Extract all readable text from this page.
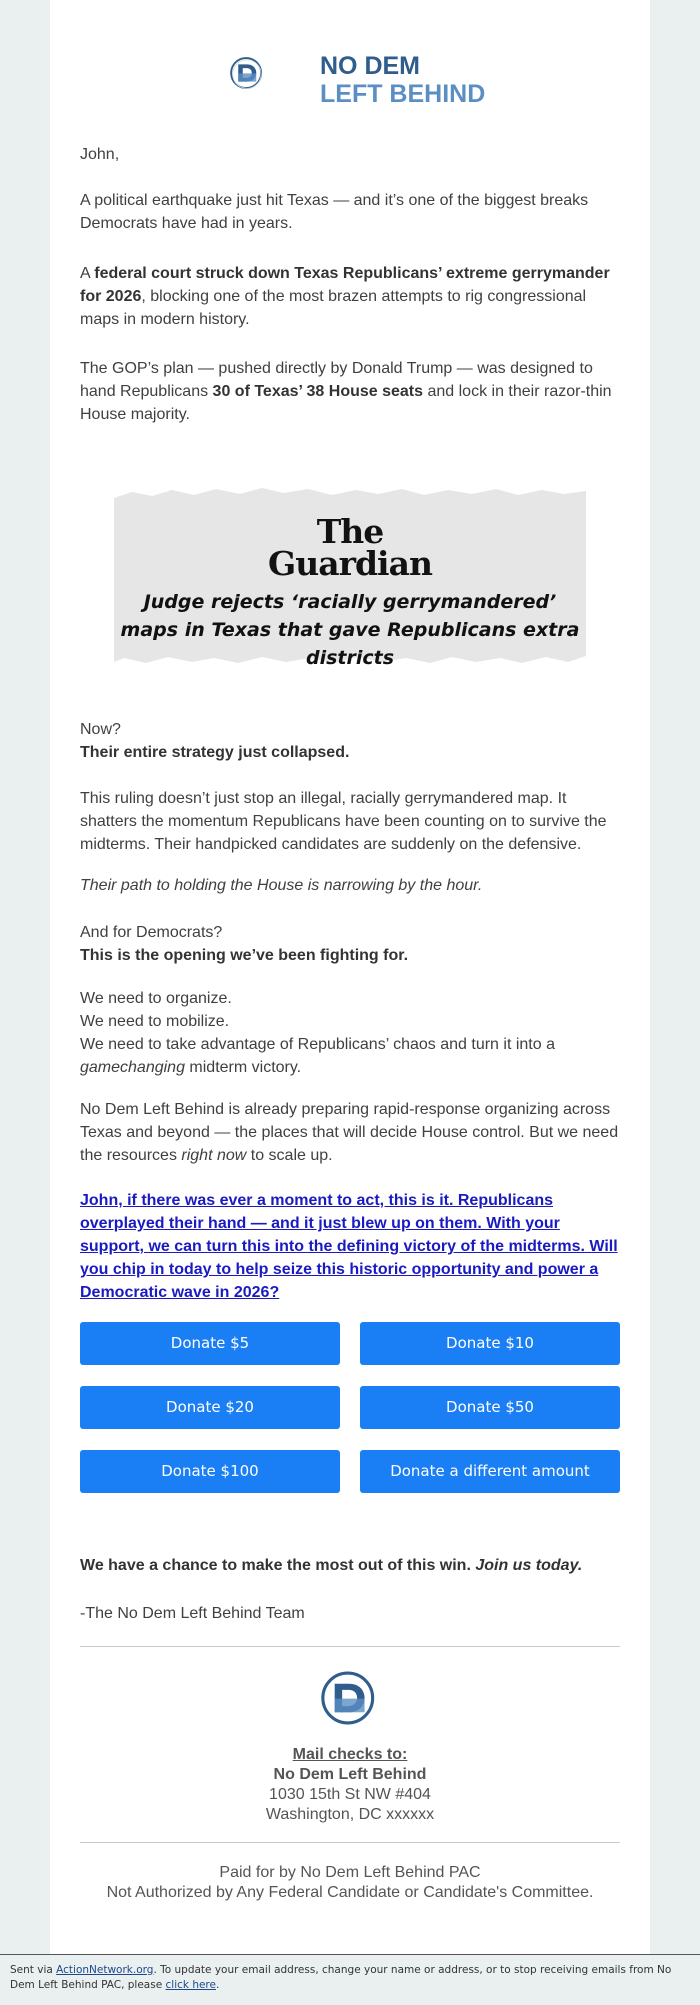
NO DEM
LEFT BEHIND

John,

A political earthquake just hit Texas — and it’s one of the biggest breaks Democrats have had in years.

A federal court struck down Texas Republicans’ extreme gerrymander for 2026, blocking one of the most brazen attempts to rig congressional maps in modern history.

The GOP’s plan — pushed directly by Donald Trump — was designed to hand Republicans 30 of Texas’ 38 House seats and lock in their razor-thin House majority.

The
Guardian
Judge rejects ‘racially gerrymandered’ maps in Texas that gave Republicans extra districts

Now?
Their entire strategy just collapsed.

This ruling doesn’t just stop an illegal, racially gerrymandered map. It shatters the momentum Republicans have been counting on to survive the midterms. Their handpicked candidates are suddenly on the defensive.

Their path to holding the House is narrowing by the hour.

And for Democrats?
This is the opening we’ve been fighting for.

We need to organize.
We need to mobilize.
We need to take advantage of Republicans’ chaos and turn it into a gamechanging midterm victory.

No Dem Left Behind is already preparing rapid-response organizing across Texas and beyond — the places that will decide House control. But we need the resources right now to scale up.

John, if there was ever a moment to act, this is it. Republicans overplayed their hand — and it just blew up on them. With your support, we can turn this into the defining victory of the midterms. Will you chip in today to help seize this historic opportunity and power a Democratic wave in 2026?

Donate $5	Donate $10
Donate $20	Donate $50
Donate $100	Donate a different amount

We have a chance to make the most out of this win. Join us today.

-The No Dem Left Behind Team

Mail checks to:
No Dem Left Behind
1030 15th St NW #404
Washington, DC xxxxxx
Paid for by No Dem Left Behind PAC
Not Authorized by Any Federal Candidate or Candidate's Committee.
Sent via ActionNetwork.org. To update your email address, change your name or address, or to stop receiving emails from No Dem Left Behind PAC, please click here.
